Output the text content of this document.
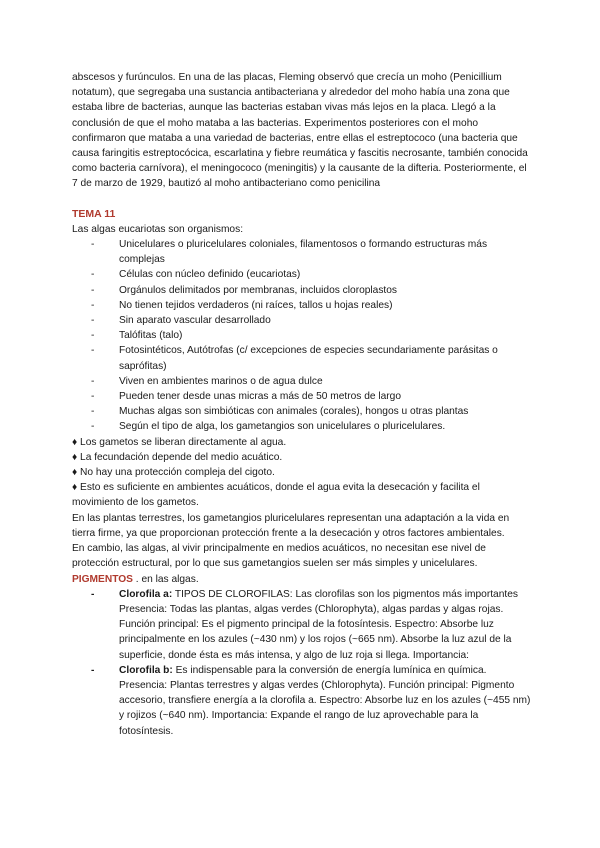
abscesos y furúnculos. En una de las placas, Fleming observó que crecía un moho (Penicillium notatum), que segregaba una sustancia antibacteriana y alrededor del moho había una zona que estaba libre de bacterias, aunque las bacterias estaban vivas más lejos en la placa. Llegó a la conclusión de que el moho mataba a las bacterias. Experimentos posteriores con el moho confirmaron que mataba a una variedad de bacterias, entre ellas el estreptococo (una bacteria que causa faringitis estreptocócica, escarlatina y fiebre reumática y fascitis necrosante, también conocida como bacteria carnívora), el meningococo (meningitis) y la causante de la difteria. Posteriormente, el 7 de marzo de 1929, bautizó al moho antibacteriano como penicilina

TEMA 11

Las algas eucariotas son organismos:

- Unicelulares o pluricelulares coloniales, filamentosos o formando estructuras más complejas
- Células con núcleo definido (eucariotas)
- Orgánulos delimitados por membranas, incluidos cloroplastos
- No tienen tejidos verdaderos (ni raíces, tallos u hojas reales)
- Sin aparato vascular desarrollado
- Talófitas (talo)
- Fotosintéticos, Autótrofas (c/ excepciones de especies secundariamente parásitas o saprófitas)
- Viven en ambientes marinos o de agua dulce
- Pueden tener desde unas micras a más de 50 metros de largo
- Muchas algas son simbióticas con animales (corales), hongos u otras plantas
- Según el tipo de alga, los gametangios son unicelulares o pluricelulares.

♦ Los gametos se liberan directamente al agua.

♦ La fecundación depende del medio acuático.

♦ No hay una protección compleja del cigoto.

♦ Esto es suficiente en ambientes acuáticos, donde el agua evita la desecación y facilita el movimiento de los gametos.

En las plantas terrestres, los gametangios pluricelulares representan una adaptación a la vida en tierra firme, ya que proporcionan protección frente a la desecación y otros factores ambientales.

En cambio, las algas, al vivir principalmente en medios acuáticos, no necesitan ese nivel de protección estructural, por lo que sus gametangios suelen ser más simples y unicelulares.

PIGMENTOS . en las algas.

- Clorofila a: TIPOS DE CLOROFILAS: Las clorofilas son los pigmentos más importantes Presencia: Todas las plantas, algas verdes (Chlorophyta), algas pardas y algas rojas. Función principal: Es el pigmento principal de la fotosíntesis. Espectro: Absorbe luz principalmente en los azules (~430 nm) y los rojos (~665 nm). Absorbe la luz azul de la superficie, donde ésta es más intensa, y algo de luz roja si llega. Importancia:
- Clorofila b: Es indispensable para la conversión de energía lumínica en química. Presencia: Plantas terrestres y algas verdes (Chlorophyta). Función principal: Pigmento accesorio, transfiere energía a la clorofila a. Espectro: Absorbe luz en los azules (~455 nm) y rojizos (~640 nm). Importancia: Expande el rango de luz aprovechable para la fotosíntesis.
